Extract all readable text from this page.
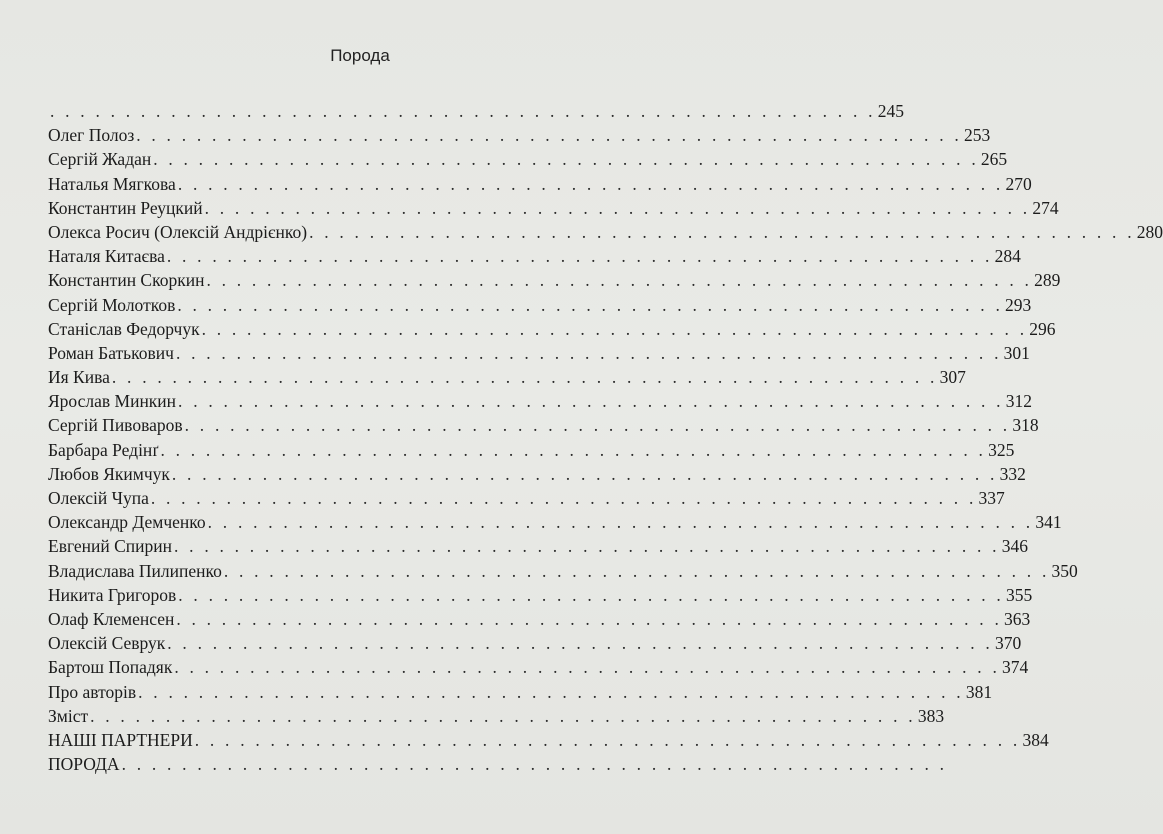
Порода
. . . . . . . . . . . . . . . . . . . . . . . . . . . . . . . . . . . . . . . . . . . . . . . . . . . . . . . 245
Олег Полоз . . . . . . . . . . . . . . . . . . . . . . . . . . . . . . . . . . . . . . . . . . . . . . . . . . . . . . . 253
Сергій Жадан . . . . . . . . . . . . . . . . . . . . . . . . . . . . . . . . . . . . . . . . . . . . . . . . . . . . . . . 265
Наталья Мягкова . . . . . . . . . . . . . . . . . . . . . . . . . . . . . . . . . . . . . . . . . . . . . . . . . . . . . . . 270
Константин Реуцкий . . . . . . . . . . . . . . . . . . . . . . . . . . . . . . . . . . . . . . . . . . . . . . . . . . . . . . . 274
Олекса Росич (Олексій Андрієнко) . . . . . . . . . . . . . . . . . . . . . . . . . . . . . . . . . . . . . . . . . . . . . . . . . . . . . . . 280
Наталя Китаєва . . . . . . . . . . . . . . . . . . . . . . . . . . . . . . . . . . . . . . . . . . . . . . . . . . . . . . . 284
Константин Скоркин . . . . . . . . . . . . . . . . . . . . . . . . . . . . . . . . . . . . . . . . . . . . . . . . . . . . . . . 289
Сергій Молотков . . . . . . . . . . . . . . . . . . . . . . . . . . . . . . . . . . . . . . . . . . . . . . . . . . . . . . . 293
Станіслав Федорчук . . . . . . . . . . . . . . . . . . . . . . . . . . . . . . . . . . . . . . . . . . . . . . . . . . . . . . . 296
Роман Батькович . . . . . . . . . . . . . . . . . . . . . . . . . . . . . . . . . . . . . . . . . . . . . . . . . . . . . . . 301
Ия Кива . . . . . . . . . . . . . . . . . . . . . . . . . . . . . . . . . . . . . . . . . . . . . . . . . . . . . . . 307
Ярослав Минкин . . . . . . . . . . . . . . . . . . . . . . . . . . . . . . . . . . . . . . . . . . . . . . . . . . . . . . . 312
Сергій Пивоваров . . . . . . . . . . . . . . . . . . . . . . . . . . . . . . . . . . . . . . . . . . . . . . . . . . . . . . . 318
Барбара Редінґ . . . . . . . . . . . . . . . . . . . . . . . . . . . . . . . . . . . . . . . . . . . . . . . . . . . . . . . 325
Любов Якимчук . . . . . . . . . . . . . . . . . . . . . . . . . . . . . . . . . . . . . . . . . . . . . . . . . . . . . . . 332
Олексій Чупа . . . . . . . . . . . . . . . . . . . . . . . . . . . . . . . . . . . . . . . . . . . . . . . . . . . . . . . 337
Олександр Демченко . . . . . . . . . . . . . . . . . . . . . . . . . . . . . . . . . . . . . . . . . . . . . . . . . . . . . . . 341
Евгений Спирин . . . . . . . . . . . . . . . . . . . . . . . . . . . . . . . . . . . . . . . . . . . . . . . . . . . . . . . 346
Владислава Пилипенко . . . . . . . . . . . . . . . . . . . . . . . . . . . . . . . . . . . . . . . . . . . . . . . . . . . . . . . 350
Никита Григоров . . . . . . . . . . . . . . . . . . . . . . . . . . . . . . . . . . . . . . . . . . . . . . . . . . . . . . . 355
Олаф Клеменсен . . . . . . . . . . . . . . . . . . . . . . . . . . . . . . . . . . . . . . . . . . . . . . . . . . . . . . . 363
Олексій Севрук . . . . . . . . . . . . . . . . . . . . . . . . . . . . . . . . . . . . . . . . . . . . . . . . . . . . . . . 370
Бартош Попадяк . . . . . . . . . . . . . . . . . . . . . . . . . . . . . . . . . . . . . . . . . . . . . . . . . . . . . . . 374
Про авторів . . . . . . . . . . . . . . . . . . . . . . . . . . . . . . . . . . . . . . . . . . . . . . . . . . . . . . . 381
Зміст . . . . . . . . . . . . . . . . . . . . . . . . . . . . . . . . . . . . . . . . . . . . . . . . . . . . . . . 383
НАШІ ПАРТНЕРИ . . . . . . . . . . . . . . . . . . . . . . . . . . . . . . . . . . . . . . . . . . . . . . . . . . . . . . . 384
ПОРОДА . . . . . . . . . . . . . . . . . . . . . . . . . . . . . . . . . . . . . . . . . . . . . . . . . . . . . . .
